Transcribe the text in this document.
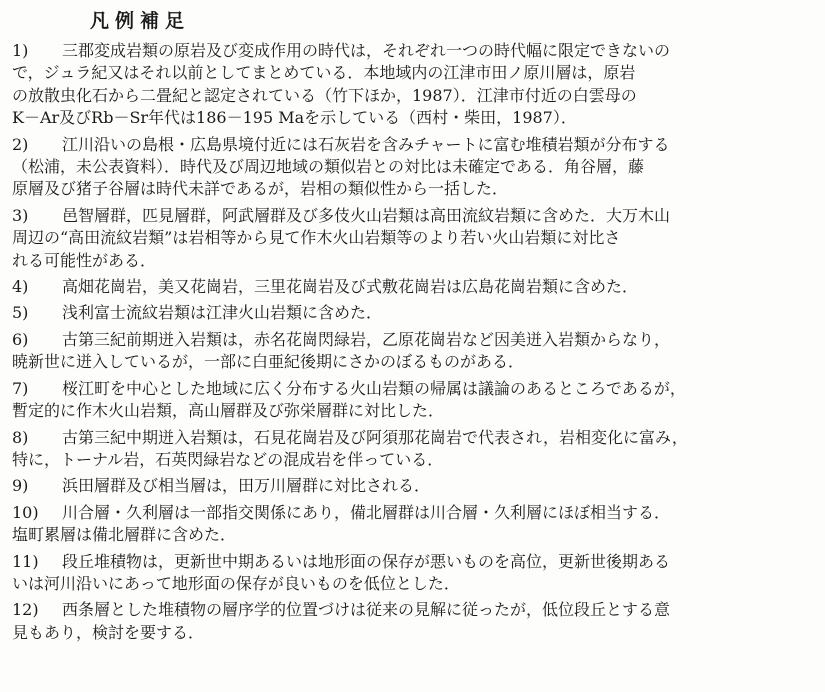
凡例補足
1)	三郡変成岩類の原岩及び変成作用の時代は，それぞれ一つの時代幅に限定できないの
で，ジュラ紀又はそれ以前としてまとめている．本地域内の江津市田ノ原川層は，原岩
の放散虫化石から二畳紀と認定されている（竹下ほか，1987）．江津市付近の白雲母の
K－Ar及びRb－Sr年代は186－195 Maを示している（西村・柴田，1987）．
2)	江川沿いの島根・広島県境付近には石灰岩を含みチャートに富む堆積岩類が分布する
（松浦，未公表資料）．時代及び周辺地域の類似岩との対比は未確定である．角谷層，藤
原層及び猪子谷層は時代未詳であるが，岩相の類似性から一括した．
3)	邑智層群，匹見層群，阿武層群及び多伎火山岩類は高田流紋岩類に含めた．大万木山
周辺の“高田流紋岩類”は岩相等から見て作木火山岩類等のより若い火山岩類に対比さ
れる可能性がある．
4)	高畑花崗岩，美又花崗岩，三里花崗岩及び式敷花崗岩は広島花崗岩類に含めた．
5)	浅利富士流紋岩類は江津火山岩類に含めた．
6)	古第三紀前期迸入岩類は，赤名花崗閃緑岩，乙原花崗岩など因美迸入岩類からなり，
暁新世に迸入しているが，一部に白亜紀後期にさかのぼるものがある．
7)	桜江町を中心とした地域に広く分布する火山岩類の帰属は議論のあるところであるが，
暫定的に作木火山岩類，高山層群及び弥栄層群に対比した．
8)	古第三紀中期迸入岩類は，石見花崗岩及び阿須那花崗岩で代表され，岩相変化に富み，
特に，トーナル岩，石英閃緑岩などの混成岩を伴っている．
9)	浜田層群及び相当層は，田万川層群に対比される．
10)	川合層・久利層は一部指交関係にあり，備北層群は川合層・久利層にほぼ相当する．
塩町累層は備北層群に含めた．
11)	段丘堆積物は，更新世中期あるいは地形面の保存が悪いものを高位，更新世後期ある
いは河川沿いにあって地形面の保存が良いものを低位とした．
12)	西条層とした堆積物の層序学的位置づけは従来の見解に従ったが，低位段丘とする意
見もあり，検討を要する．
